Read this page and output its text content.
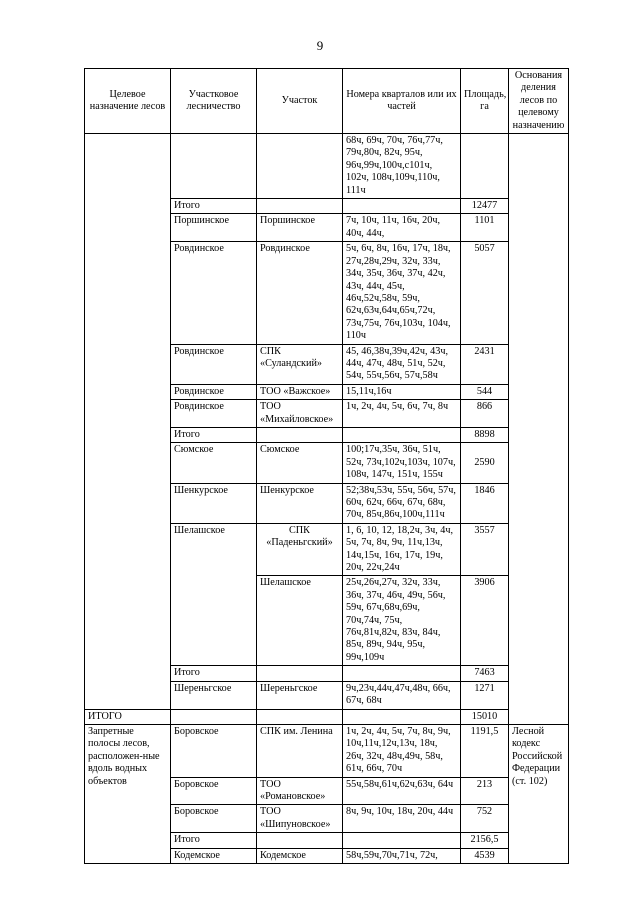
9
Целевое назначение лесов	Участковое лесничество	Участок	Номера кварталов или их частей	Площадь, га	Основания деления лесов по целевому назначению
			68ч, 69ч, 70ч, 76ч,77ч, 79ч,80ч, 82ч, 95ч, 96ч,99ч,100ч,с101ч, 102ч, 108ч,109ч,110ч, 111ч		
	Итого			12477	
	Поршинское	Поршинское	7ч, 10ч, 11ч, 16ч, 20ч, 40ч, 44ч,	1101	
	Ровдинское	Ровдинское	5ч, 6ч, 8ч, 16ч, 17ч, 18ч, 27ч,28ч,29ч, 32ч, 33ч, 34ч, 35ч, 36ч, 37ч, 42ч, 43ч, 44ч, 45ч, 46ч,52ч,58ч, 59ч, 62ч,63ч,64ч,65ч,72ч, 73ч,75ч, 76ч,103ч, 104ч, 110ч	5057	
	Ровдинское	СПК «Суландский»	45, 46,38ч,39ч,42ч, 43ч, 44ч, 47ч, 48ч, 51ч, 52ч, 54ч, 55ч,56ч, 57ч,58ч	2431	
	Ровдинское	ТОО «Важское»	15,11ч,16ч	544	
	Ровдинское	ТОО «Михайловское»	1ч, 2ч, 4ч, 5ч, 6ч, 7ч, 8ч	866	
	Итого			8898	
	Сюмское	Сюмское	100;17ч,35ч, 36ч, 51ч, 52ч, 73ч,102ч,103ч, 107ч, 108ч, 147ч, 151ч, 155ч	2590	
	Шенкурское	Шенкурское	52;38ч,53ч, 55ч, 56ч, 57ч, 60ч, 62ч, 66ч, 67ч, 68ч, 70ч, 85ч,86ч,100ч,111ч	1846	
	Шелашское	СПК «Паденьгский»	1, 6, 10, 12, 18,2ч, 3ч, 4ч, 5ч, 7ч, 8ч, 9ч, 11ч,13ч, 14ч,15ч, 16ч, 17ч, 19ч, 20ч, 22ч,24ч	3557	
		Шелашское	25ч,26ч,27ч, 32ч, 33ч, 36ч, 37ч, 46ч, 49ч, 56ч, 59ч, 67ч,68ч,69ч, 70ч,74ч, 75ч, 76ч,81ч,82ч, 83ч, 84ч, 85ч, 89ч, 94ч, 95ч, 99ч,109ч	3906	
	Итого			7463	
	Шереньгское	Шереньгское	9ч,23ч,44ч,47ч,48ч, 66ч, 67ч, 68ч	1271	
ИТОГО				15010	
Запретные полосы лесов, расположен-ные вдоль водных объектов	Боровское	СПК им. Ленина	1ч, 2ч, 4ч, 5ч, 7ч, 8ч, 9ч, 10ч,11ч,12ч,13ч, 18ч, 26ч, 32ч, 48ч,49ч, 58ч, 61ч, 66ч, 70ч	1191,5	Лесной кодекс Российской Федерации (ст. 102)
	Боровское	ТОО «Романовское»	55ч,58ч,61ч,62ч,63ч, 64ч	213	
	Боровское	ТОО «Шипуновское»	8ч, 9ч, 10ч, 18ч, 20ч, 44ч	752	
	Итого			2156,5	
	Кодемское	Кодемское	58ч,59ч,70ч,71ч, 72ч,	4539	
